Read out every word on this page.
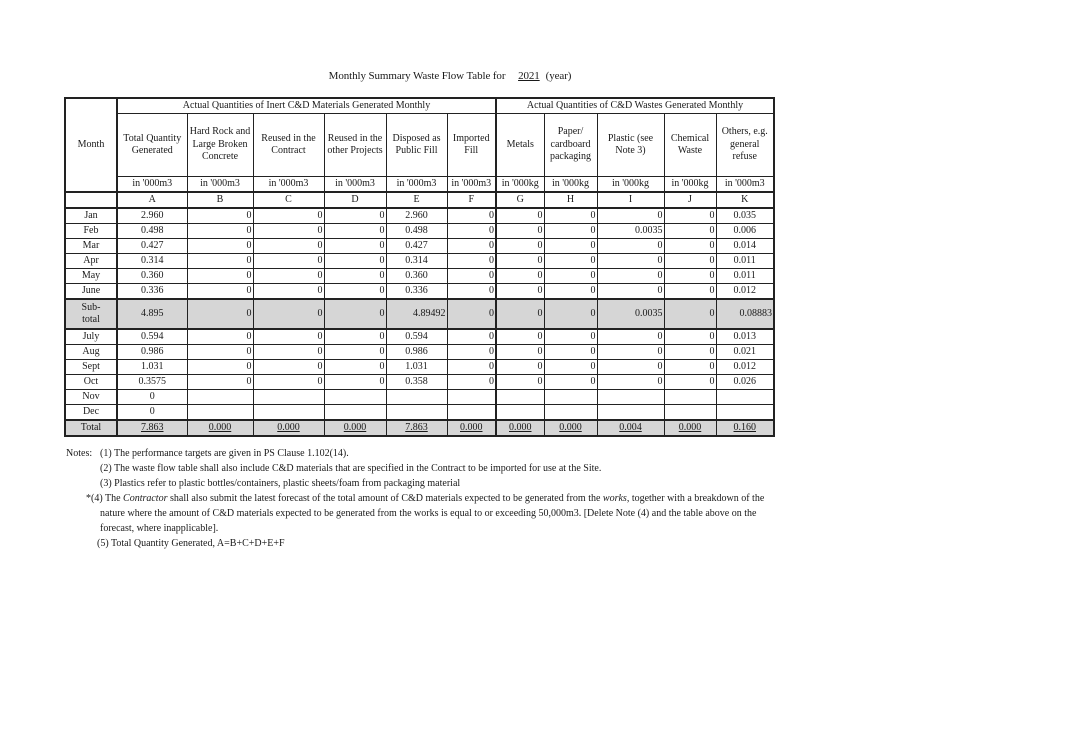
Monthly Summary Waste Flow Table for 2021 (year)
Month	Actual Quantities of Inert C&D Materials Generated Monthly						Actual Quantities of C&D Wastes Generated Monthly				
	Total Quantity Generated	Hard Rock and Large Broken Concrete	Reused in the Contract	Reused in the other Projects	Disposed as Public Fill	Imported Fill	Metals	Paper/ cardboard packaging	Plastic (see Note 3)	Chemical Waste	Others, e.g. general refuse
	in '000m3	in '000m3	in '000m3	in '000m3	in '000m3	in '000m3	in '000kg	in '000kg	in '000kg	in '000kg	in '000m3
	A	B	C	D	E	F	G	H	I	J	K
Jan	2.960	0	0	0	2.960	0	0	0	0	0	0.035
Feb	0.498	0	0	0	0.498	0	0	0	0.0035	0	0.006
Mar	0.427	0	0	0	0.427	0	0	0	0	0	0.014
Apr	0.314	0	0	0	0.314	0	0	0	0	0	0.011
May	0.360	0	0	0	0.360	0	0	0	0	0	0.011
June	0.336	0	0	0	0.336	0	0	0	0	0	0.012

Sub-
total	4.895	0	0	0	4.89492	0	0	0	0.0035	0	0.08883
July	0.594	0	0	0	0.594	0	0	0	0	0	0.013
Aug	0.986	0	0	0	0.986	0	0	0	0	0	0.021
Sept	1.031	0	0	0	1.031	0	0	0	0	0	0.012
Oct	0.3575	0	0	0	0.358	0	0	0	0	0	0.026
Nov	0										
Dec	0										
Total	7.863	0.000	0.000	0.000	7.863	0.000	0.000	0.000	0.004	0.000	0.160
Notes: (1) The performance targets are given in PS Clause 1.102(14).
(2) The waste flow table shall also include C&D materials that are specified in the Contract to be imported for use at the Site.
(3) Plastics refer to plastic bottles/containers, plastic sheets/foam from packaging material
*(4) The Contractor shall also submit the latest forecast of the total amount of C&D materials expected to be generated from the works, together with a breakdown of the nature where the amount of C&D materials expected to be generated from the works is equal to or exceeding 50,000m3. [Delete Note (4) and the table above on the forecast, where inapplicable].
(5) Total Quantity Generated, A=B+C+D+E+F
